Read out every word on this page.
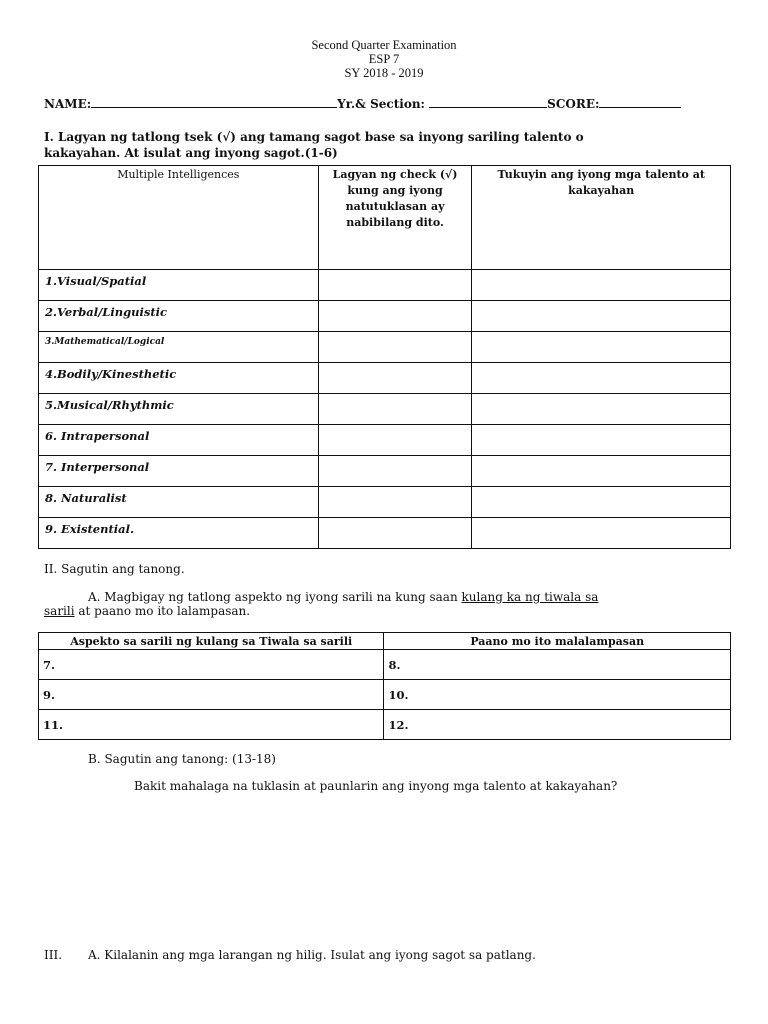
Second Quarter Examination
ESP 7
SY 2018 - 2019
NAME:	Yr.& Section:	SCORE:
I. Lagyan ng tatlong tsek (√) ang tamang sagot base sa inyong sariling talento o
kakayahan. At isulat ang inyong sagot.(1-6)
Multiple Intelligences	Lagyan ng check (√) kung ang iyong natutuklasan ay nabibilang dito.	Tukuyin ang iyong mga talento at kakayahan
1.Visual/Spatial		
2.Verbal/Linguistic		
3.Mathematical/Logical		
4.Bodily/Kinesthetic		
5.Musical/Rhythmic		
6. Intrapersonal		
7. Interpersonal		
8. Naturalist		
9. Existential.		
II. Sagutin ang tanong.
A. Magbigay ng tatlong aspekto ng iyong sarili na kung saan kulang ka ng tiwala sa
sarili at paano mo ito lalampasan.
Aspekto sa sarili ng kulang sa Tiwala sa sarili	Paano mo ito malalampasan
7.	8.
9.	10.
11.	12.
B. Sagutin ang tanong: (13-18)
Bakit mahalaga na tuklasin at paunlarin ang inyong mga talento at kakayahan?
III. A. Kilalanin ang mga larangan ng hilig. Isulat ang iyong sagot sa patlang.
